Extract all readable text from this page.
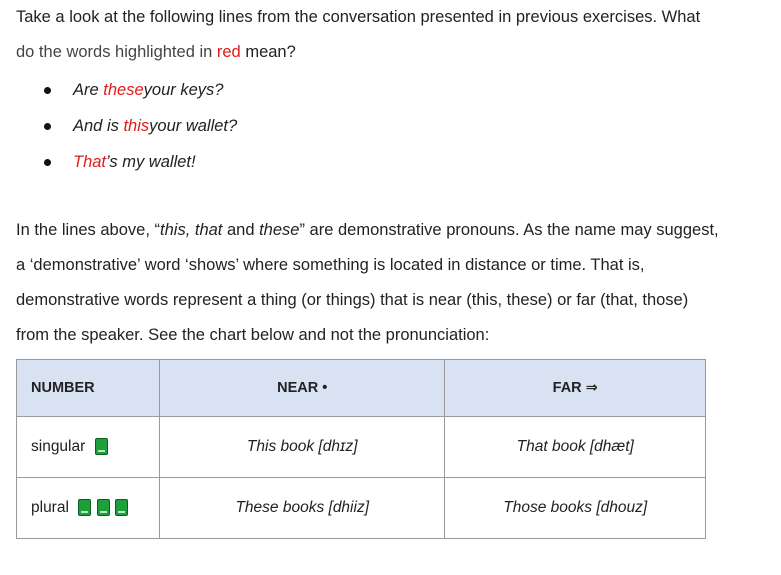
Take a look at the following lines from the conversation presented in previous exercises. What
do the words highlighted in red mean?
Are
these your keys?
And is
this your wallet?
That ’s my wallet!
In the lines above, “this, that and these” are demonstrative pronouns. As the name may suggest,
a ‘demonstrative’ word ‘shows’ where something is located in distance or time. That is,
demonstrative words represent a thing (or things) that is near (this, these) or far (that, those)
from the speaker. See the chart below and not the pronunciation:
NUMBER	NEAR •	FAR ⇒
singular	This book [dhɪz]	That book [dhæt]
plural	These books [dhiiz]	Those books [dhouz]
